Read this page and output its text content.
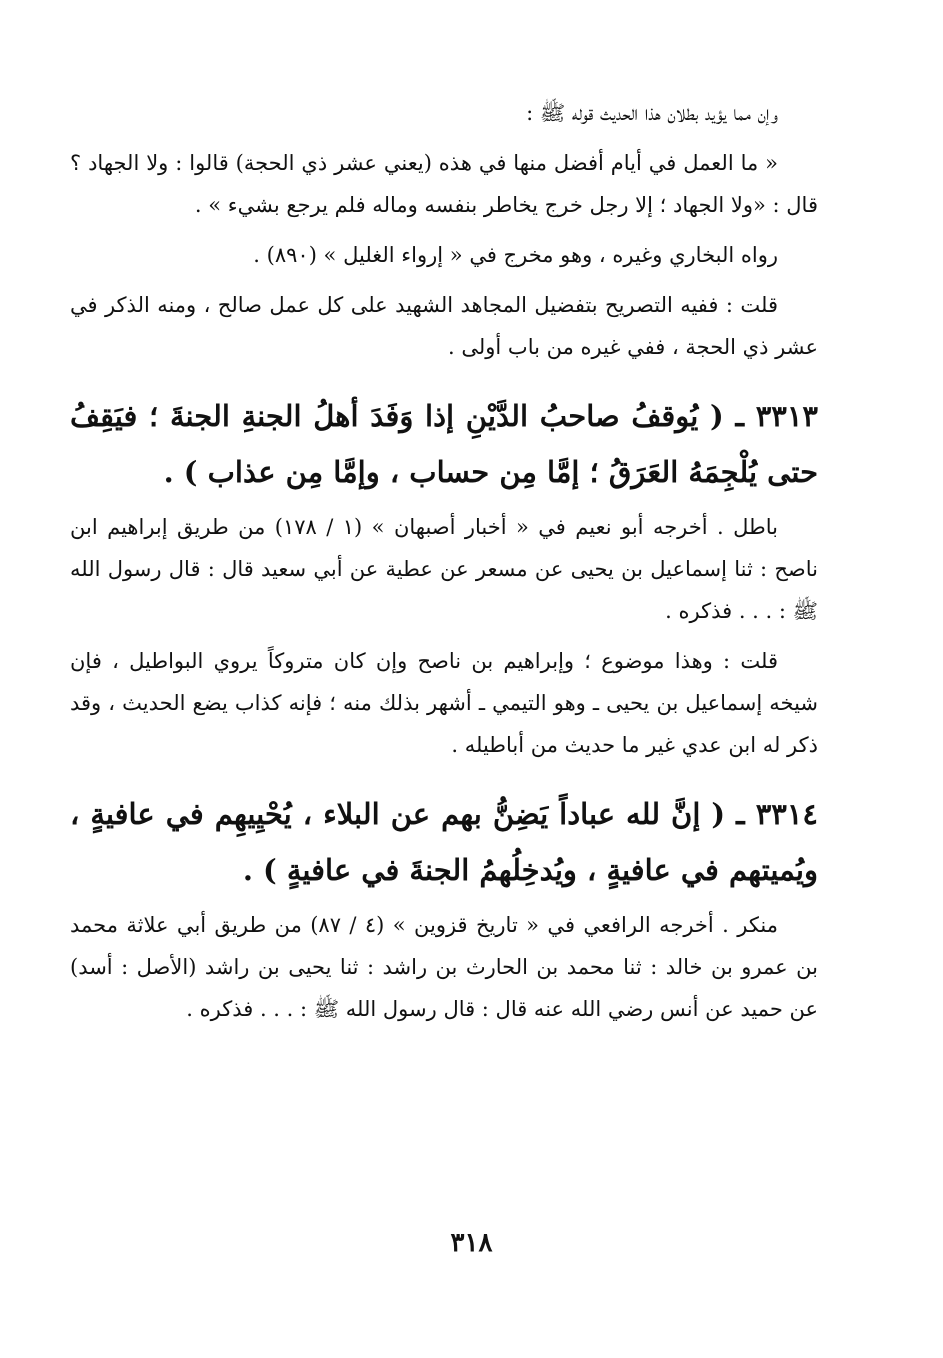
وإن مما يؤيد بطلان هذا الحديث قوله ﷺ :

« ما العمل في أيام أفضل منها في هذه (يعني عشر ذي الحجة) قالوا : ولا الجهاد ؟ قال : «ولا الجهاد ؛ إلا رجل خرج يخاطر بنفسه وماله فلم يرجع بشيء » .

رواه البخاري وغيره ، وهو مخرج في « إرواء الغليل » (٨٩٠) .

قلت : ففيه التصريح بتفضيل المجاهد الشهيد على كل عمل صالح ، ومنه الذكر في عشر ذي الحجة ، ففي غيره من باب أولى .

٣٣١٣ ـ ( يُوقفُ صاحبُ الدَّيْنِ إذا وَفَدَ أهلُ الجنةِ الجنةَ ؛ فيَقِفُ حتى يُلْجِمَهُ العَرَقُ ؛ إمَّا مِن حساب ، وإمَّا مِن عذاب ) .

باطل . أخرجه أبو نعيم في « أخبار أصبهان » (١ / ١٧٨) من طريق إبراهيم ابن ناصح : ثنا إسماعيل بن يحيى عن مسعر عن عطية عن أبي سعيد قال : قال رسول الله ﷺ : . . . فذكره .

قلت : وهذا موضوع ؛ وإبراهيم بن ناصح وإن كان متروكاً يروي البواطيل ، فإن شيخه إسماعيل بن يحيى ـ وهو التيمي ـ أشهر بذلك منه ؛ فإنه كذاب يضع الحديث ، وقد ذكر له ابن عدي غير ما حديث من أباطيله .

٣٣١٤ ـ ( إنَّ لله عباداً يَضِنُّ بهم عن البلاء ، يُحْيِيهِم في عافيةٍ ، ويُميتهم في عافيةٍ ، ويُدخِلُهمُ الجنةَ في عافيةٍ ) .

منكر . أخرجه الرافعي في « تاريخ قزوين » (٤ / ٨٧) من طريق أبي علاثة محمد بن عمرو بن خالد : ثنا محمد بن الحارث بن راشد : ثنا يحيى بن راشد (الأصل : أسد) عن حميد عن أنس رضي الله عنه قال : قال رسول الله ﷺ : . . . فذكره .

٣١٨
